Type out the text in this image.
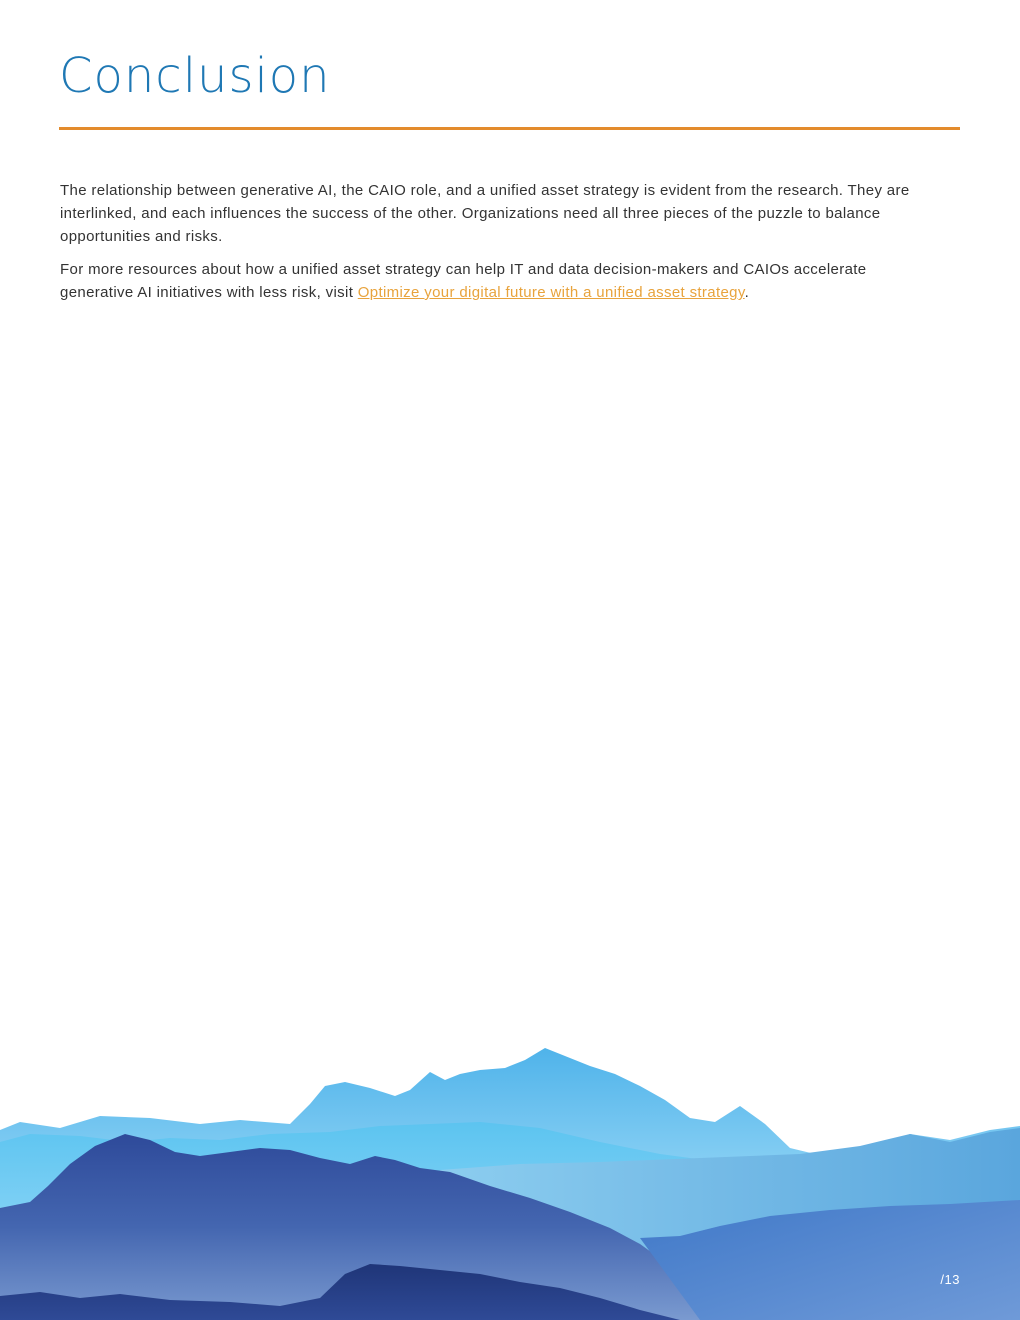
Conclusion

The relationship between generative AI, the CAIO role, and a unified asset strategy is evident from the research. They are interlinked, and each influences the success of the other. Organizations need all three pieces of the puzzle to balance opportunities and risks.

For more resources about how a unified asset strategy can help IT and data decision-makers and CAIOs accelerate generative AI initiatives with less risk, visit Optimize your digital future with a unified asset strategy.

/13
